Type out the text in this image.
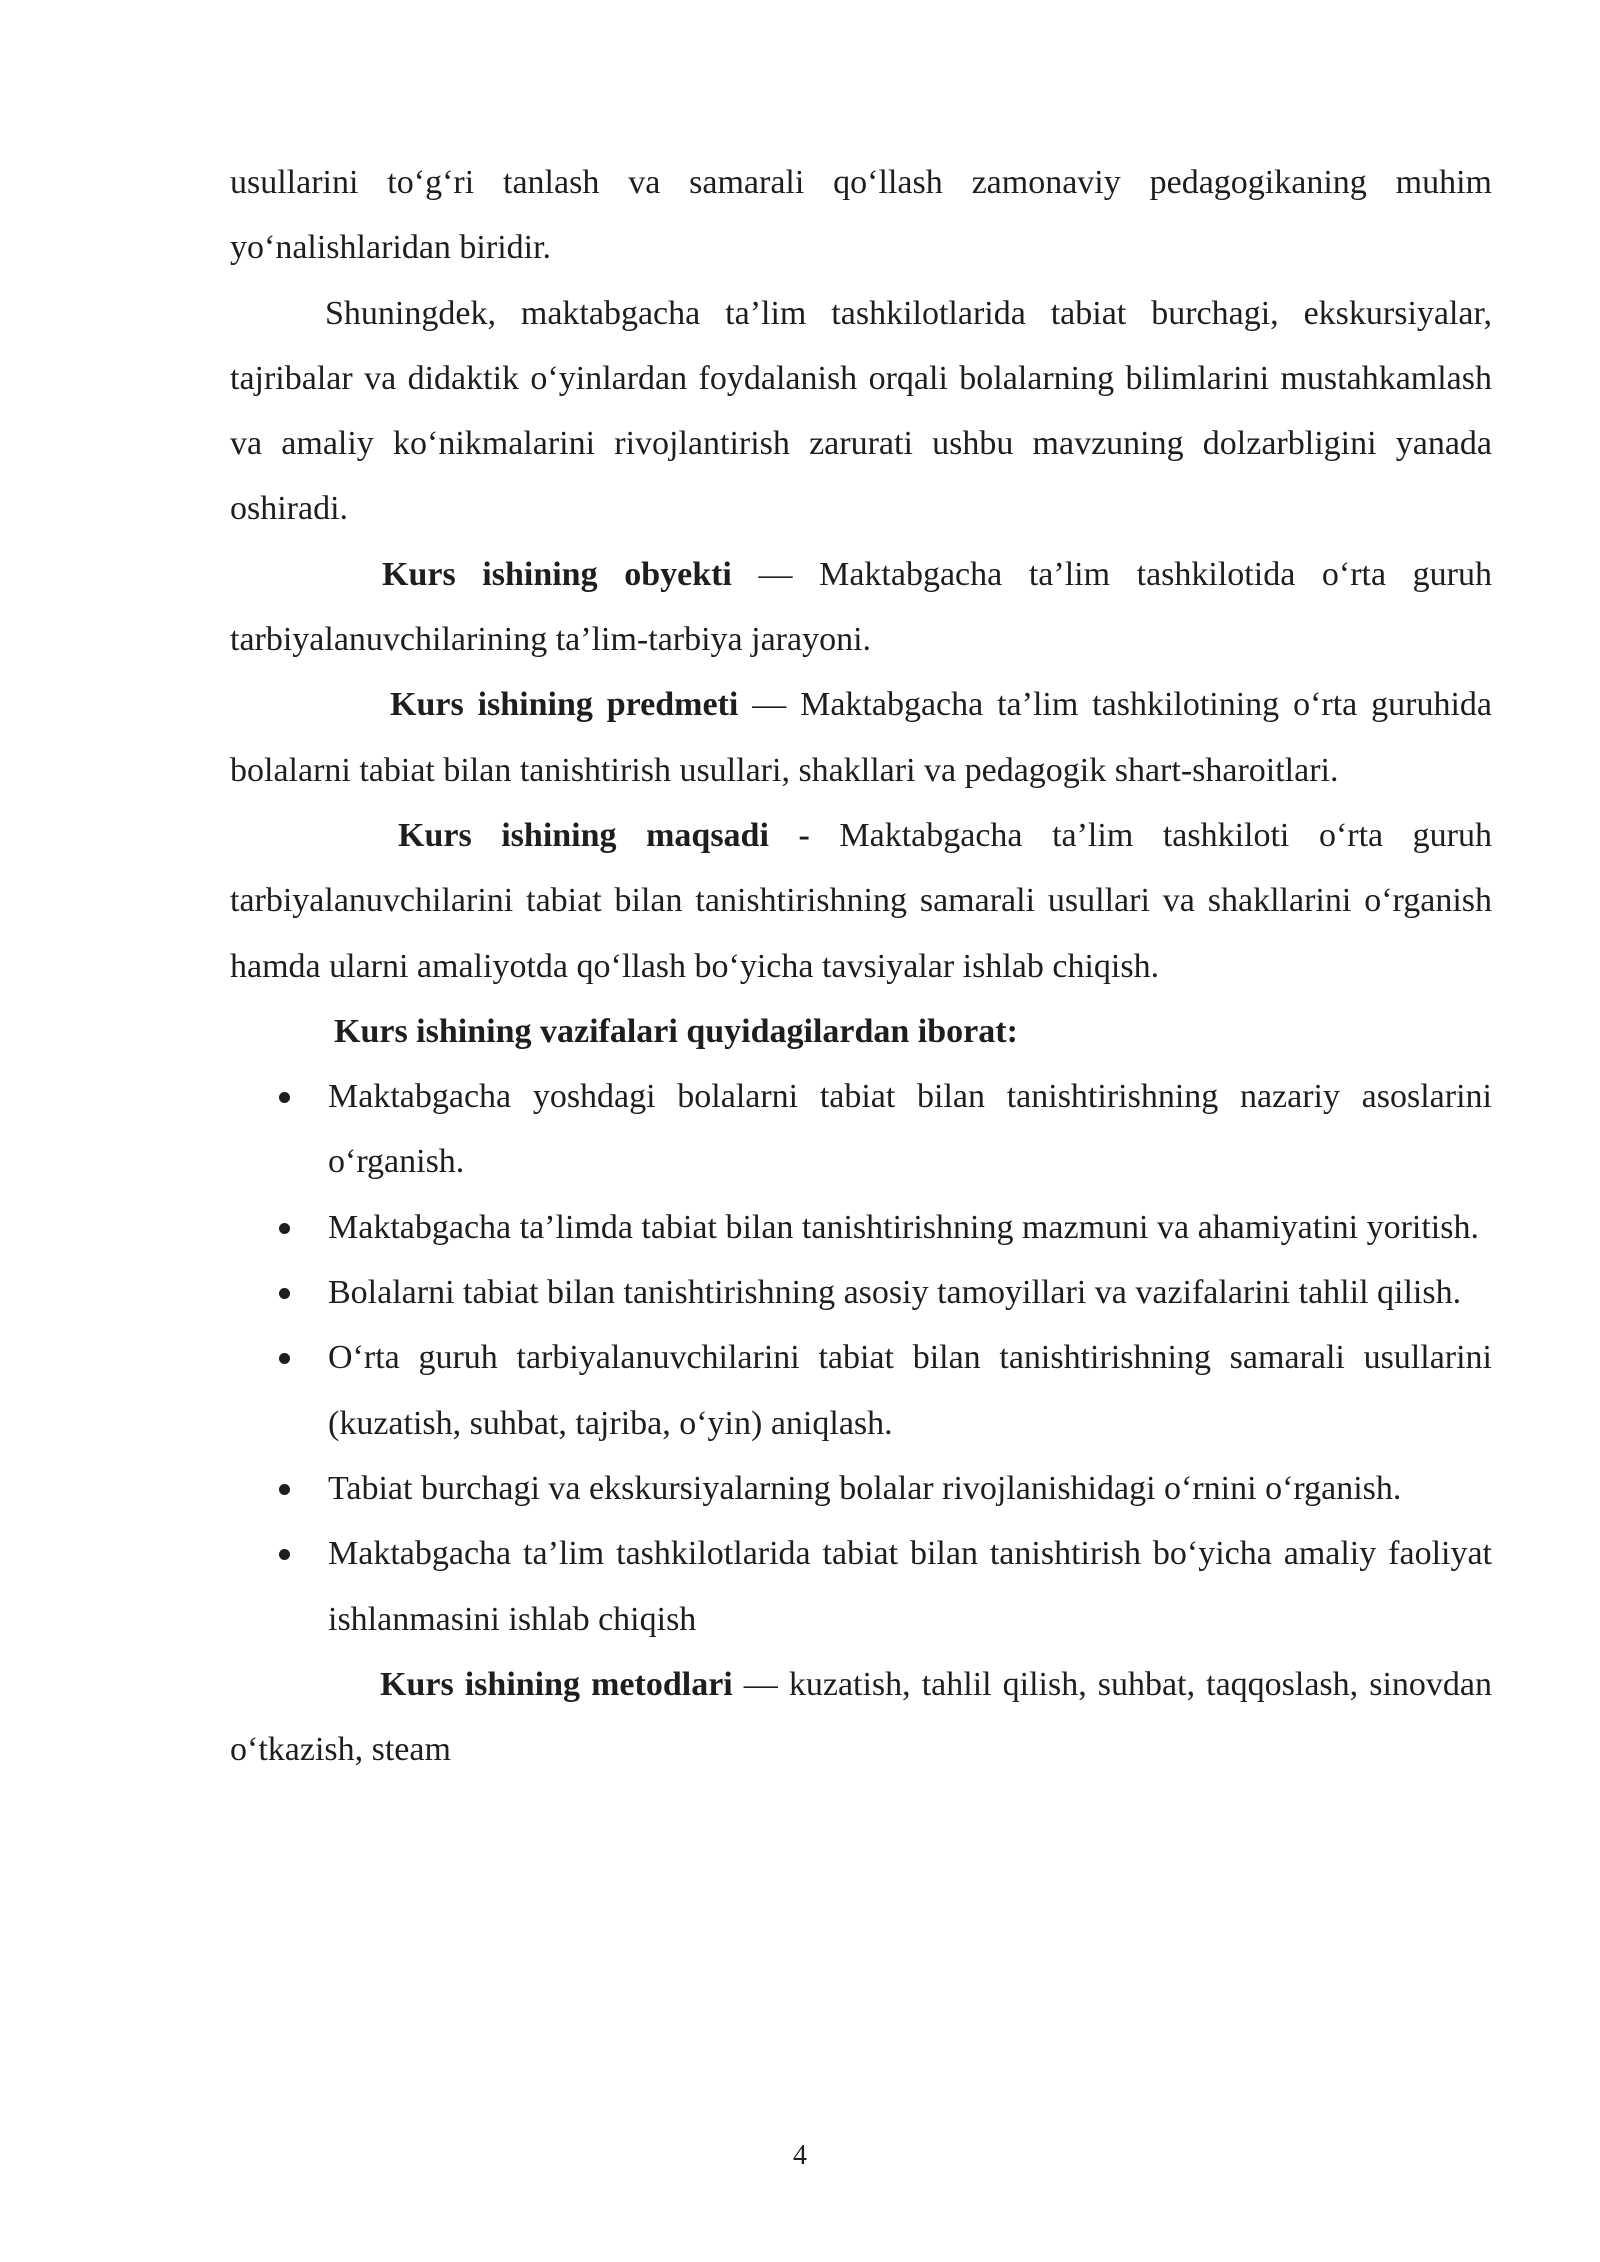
usullarini to‘g‘ri tanlash va samarali qo‘llash zamonaviy pedagogikaning muhim yo‘nalishlaridan biridir.

Shuningdek, maktabgacha ta’lim tashkilotlarida tabiat burchagi, ekskursiyalar, tajribalar va didaktik o‘yinlardan foydalanish orqali bolalarning bilimlarini mustahkamlash va amaliy ko‘nikmalarini rivojlantirish zarurati ushbu mavzuning dolzarbligini yanada oshiradi.

Kurs ishining obyekti — Maktabgacha ta’lim tashkilotida o‘rta guruh tarbiyalanuvchilarining ta’lim-tarbiya jarayoni.

Kurs ishining predmeti — Maktabgacha ta’lim tashkilotining o‘rta guruhida bolalarni tabiat bilan tanishtirish usullari, shakllari va pedagogik shart-sharoitlari.

Kurs ishining maqsadi - Maktabgacha ta’lim tashkiloti o‘rta guruh tarbiyalanuvchilarini tabiat bilan tanishtirishning samarali usullari va shakllarini o‘rganish hamda ularni amaliyotda qo‘llash bo‘yicha tavsiyalar ishlab chiqish.

Kurs ishining vazifalari quyidagilardan iborat:

Maktabgacha yoshdagi bolalarni tabiat bilan tanishtirishning nazariy asoslarini o‘rganish.
Maktabgacha ta’limda tabiat bilan tanishtirishning mazmuni va ahamiyatini yoritish.
Bolalarni tabiat bilan tanishtirishning asosiy tamoyillari va vazifalarini tahlil qilish.
O‘rta guruh tarbiyalanuvchilarini tabiat bilan tanishtirishning samarali usullarini (kuzatish, suhbat, tajriba, o‘yin) aniqlash.
Tabiat burchagi va ekskursiyalarning bolalar rivojlanishidagi o‘rnini o‘rganish.
Maktabgacha ta’lim tashkilotlarida tabiat bilan tanishtirish bo‘yicha amaliy faoliyat ishlanmasini ishlab chiqish

Kurs ishining metodlari — kuzatish, tahlil qilish, suhbat, taqqoslash, sinovdan o‘tkazish, steam

4
